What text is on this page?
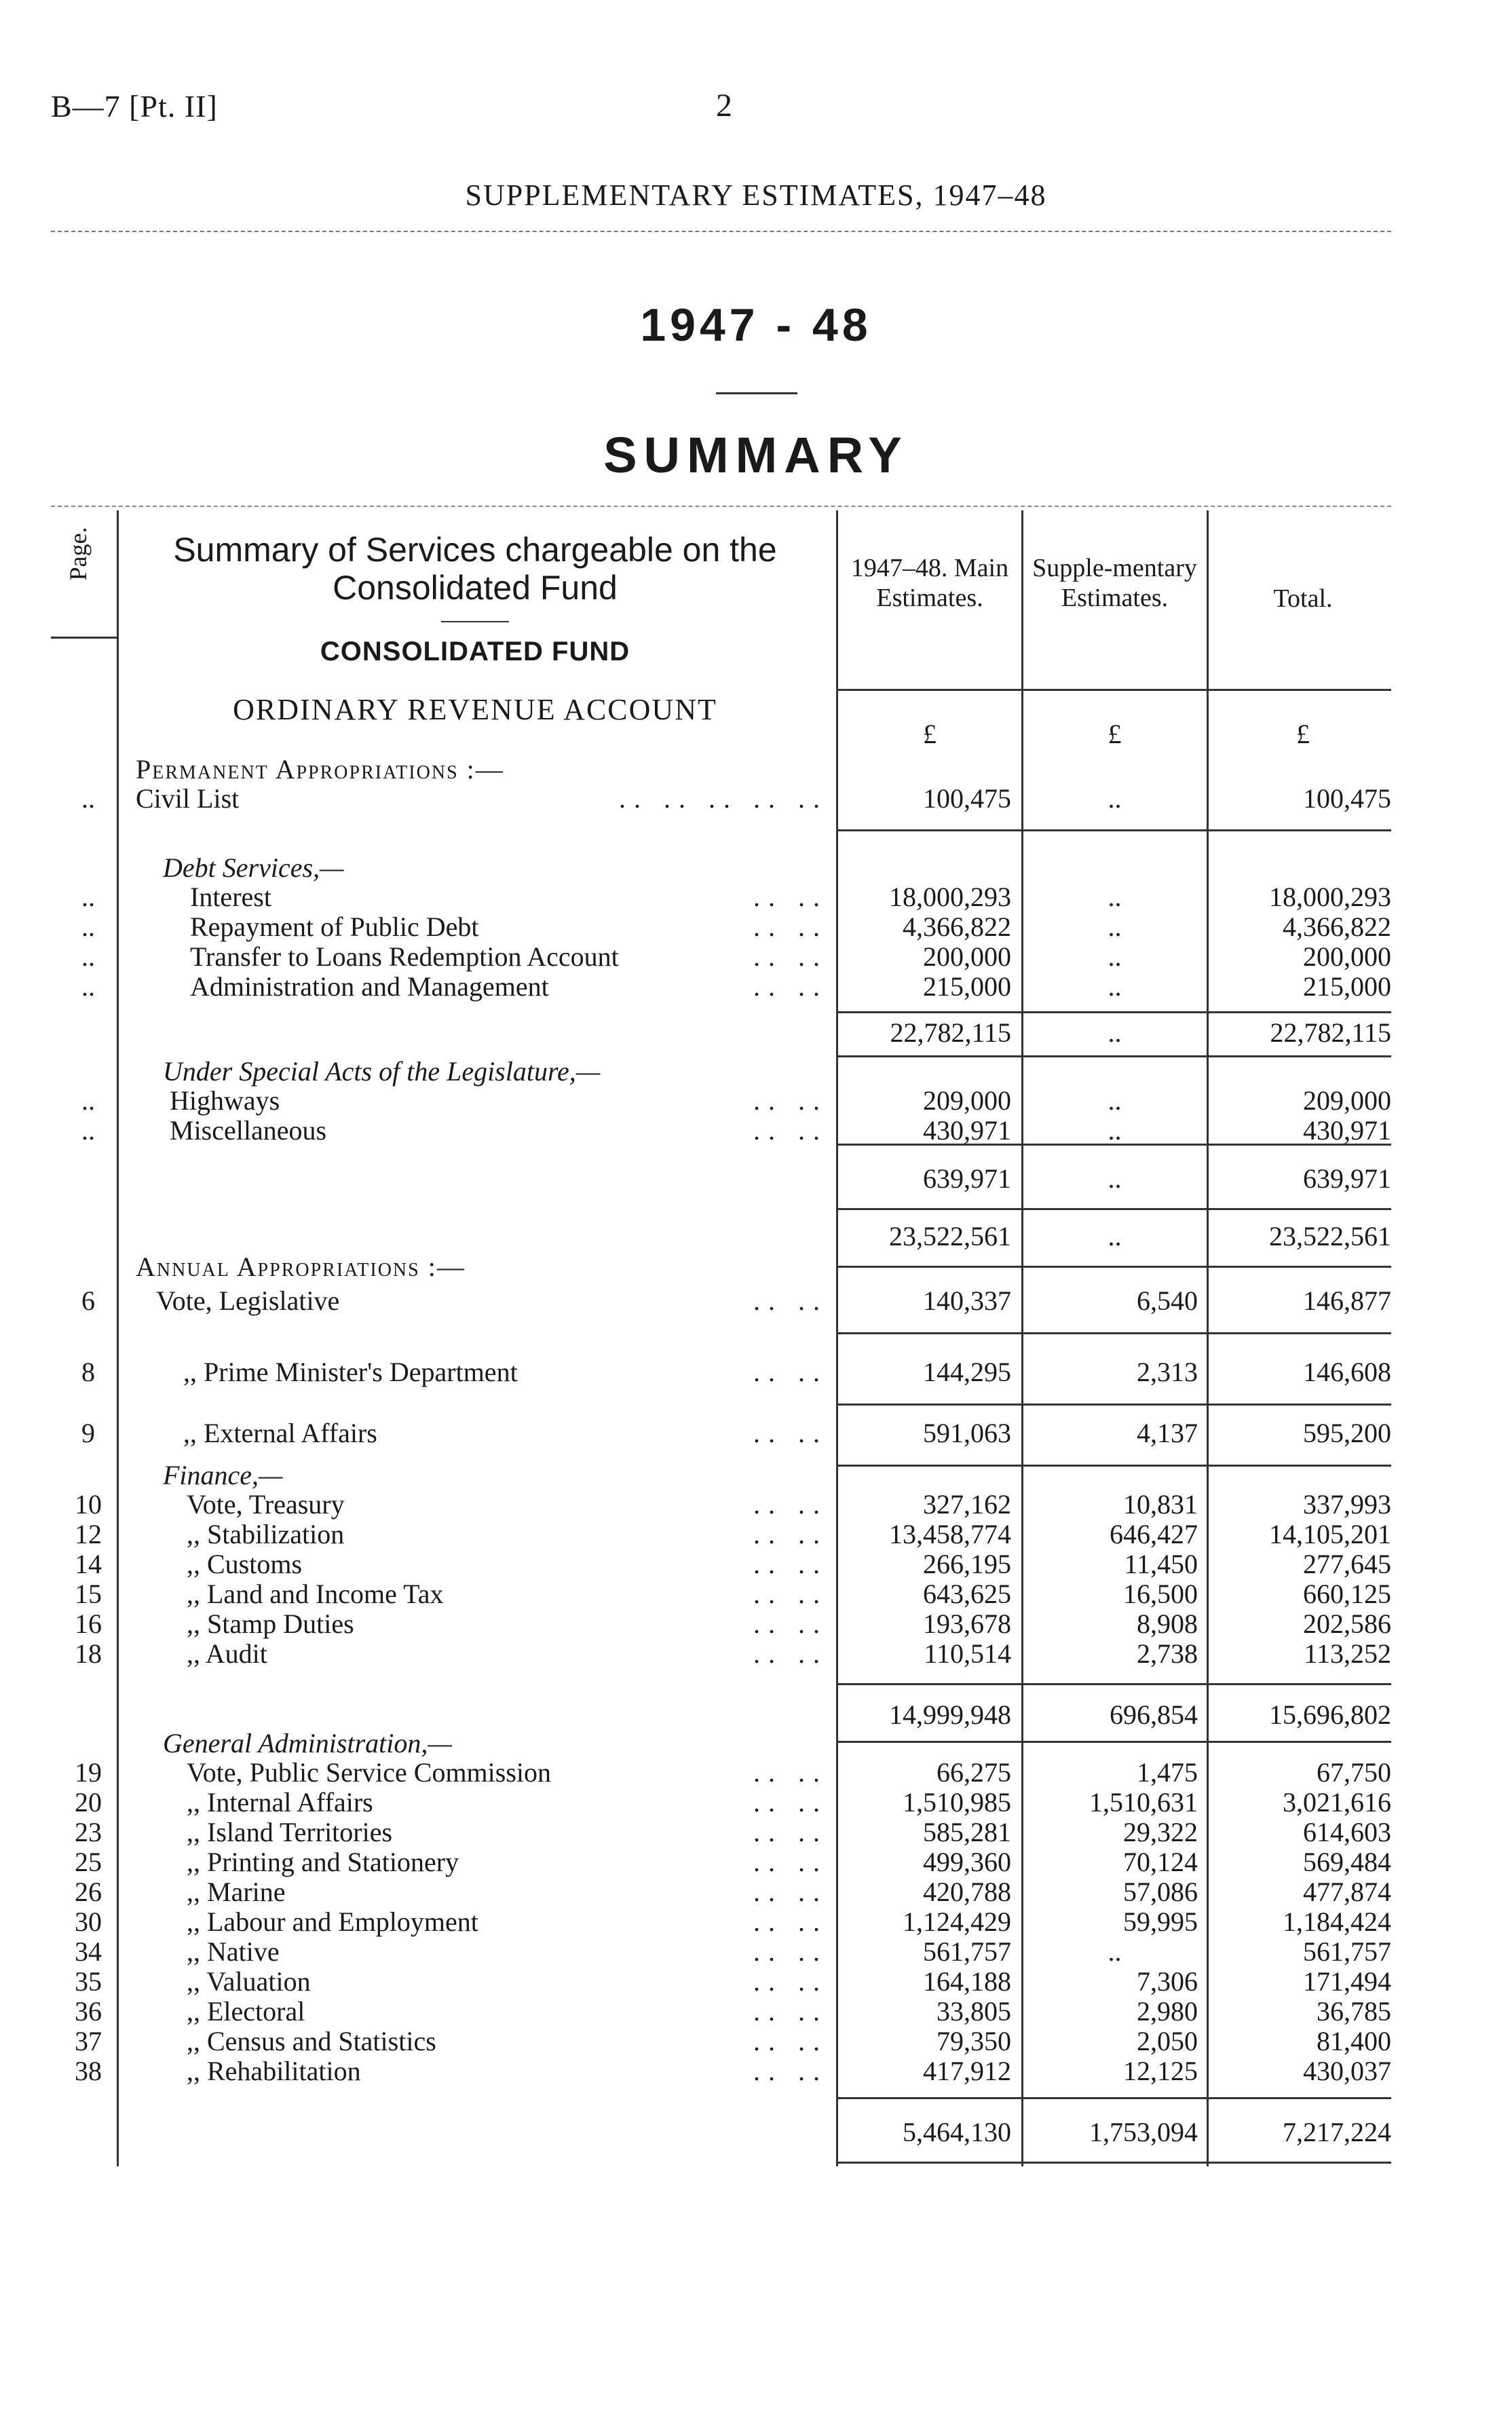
B—7 [Pt. II]	2
SUPPLEMENTARY ESTIMATES, 1947–48
1947 - 48
SUMMARY
Page.	Summary of Services chargeable on the Consolidated Fund
CONSOLIDATED FUND
ORDINARY REVENUE ACCOUNT
1947–48. Main Estimates.
Supple-mentary Estimates.	Total.
£	£	£
Permanent Appropriations :—
..	Civil List	.. .. .. .. ..	100,475	..	100,475
Debt Services,—
..	Interest	.. ..	18,000,293	..	18,000,293
..	Repayment of Public Debt	.. ..	4,366,822	..	4,366,822
..	Transfer to Loans Redemption Account	.. ..	200,000	..	200,000
..	Administration and Management	.. ..	215,000	..	215,000
22,782,115	..	22,782,115
Under Special Acts of the Legislature,—
..	Highways	.. ..	209,000	..	209,000
..	Miscellaneous	.. ..	430,971	..	430,971
639,971	..	639,971
23,522,561	..	23,522,561
Annual Appropriations :—
6	Vote, Legislative	.. ..	140,337	6,540	146,877
8	,, Prime Minister's Department	.. ..	144,295	2,313	146,608
9	,, External Affairs	.. ..	591,063	4,137	595,200
Finance,—
10	Vote, Treasury	.. ..	327,162	10,831	337,993
12	,, Stabilization	.. ..	13,458,774	646,427	14,105,201
14	,, Customs	.. ..	266,195	11,450	277,645
15	,, Land and Income Tax	.. ..	643,625	16,500	660,125
16	,, Stamp Duties	.. ..	193,678	8,908	202,586
18	,, Audit	.. ..	110,514	2,738	113,252
14,999,948	696,854	15,696,802
General Administration,—
19	Vote, Public Service Commission	.. ..	66,275	1,475	67,750
20	,, Internal Affairs	.. ..	1,510,985	1,510,631	3,021,616
23	,, Island Territories	.. ..	585,281	29,322	614,603
25	,, Printing and Stationery	.. ..	499,360	70,124	569,484
26	,, Marine	.. ..	420,788	57,086	477,874
30	,, Labour and Employment	.. ..	1,124,429	59,995	1,184,424
34	,, Native	.. ..	561,757	..	561,757
35	,, Valuation	.. ..	164,188	7,306	171,494
36	,, Electoral	.. ..	33,805	2,980	36,785
37	,, Census and Statistics	.. ..	79,350	2,050	81,400
38	,, Rehabilitation	.. ..	417,912	12,125	430,037
5,464,130	1,753,094	7,217,224
